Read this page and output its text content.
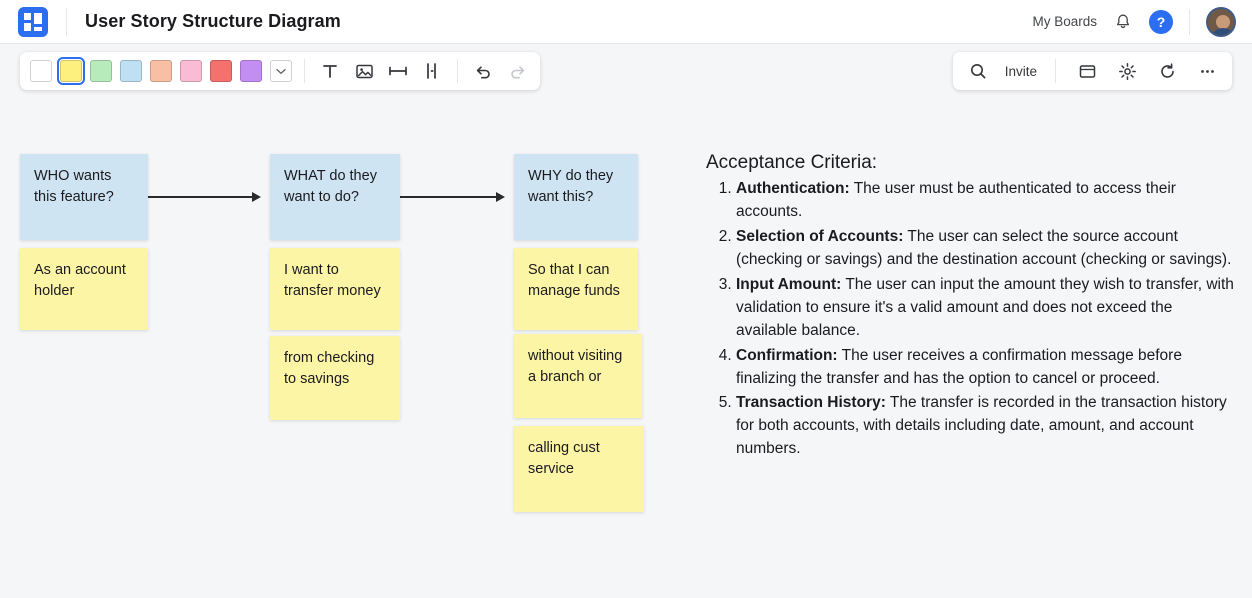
User Story Structure Diagram	My Boards	?
Invite
WHO wants this feature?
WHAT do they want to do?
WHY do they want this?
As an account holder
I want to transfer money
from checking to savings
So that I can manage funds
without visiting a branch or
calling cust service
Acceptance Criteria:
1. Authentication: The user must be authenticated to access their accounts.
2. Selection of Accounts: The user can select the source account (checking or savings) and the destination account (checking or savings).
3. Input Amount: The user can input the amount they wish to transfer, with validation to ensure it's a valid amount and does not exceed the available balance.
4. Confirmation: The user receives a confirmation message before finalizing the transfer and has the option to cancel or proceed.
5. Transaction History: The transfer is recorded in the transaction history for both accounts, with details including date, amount, and account numbers.
